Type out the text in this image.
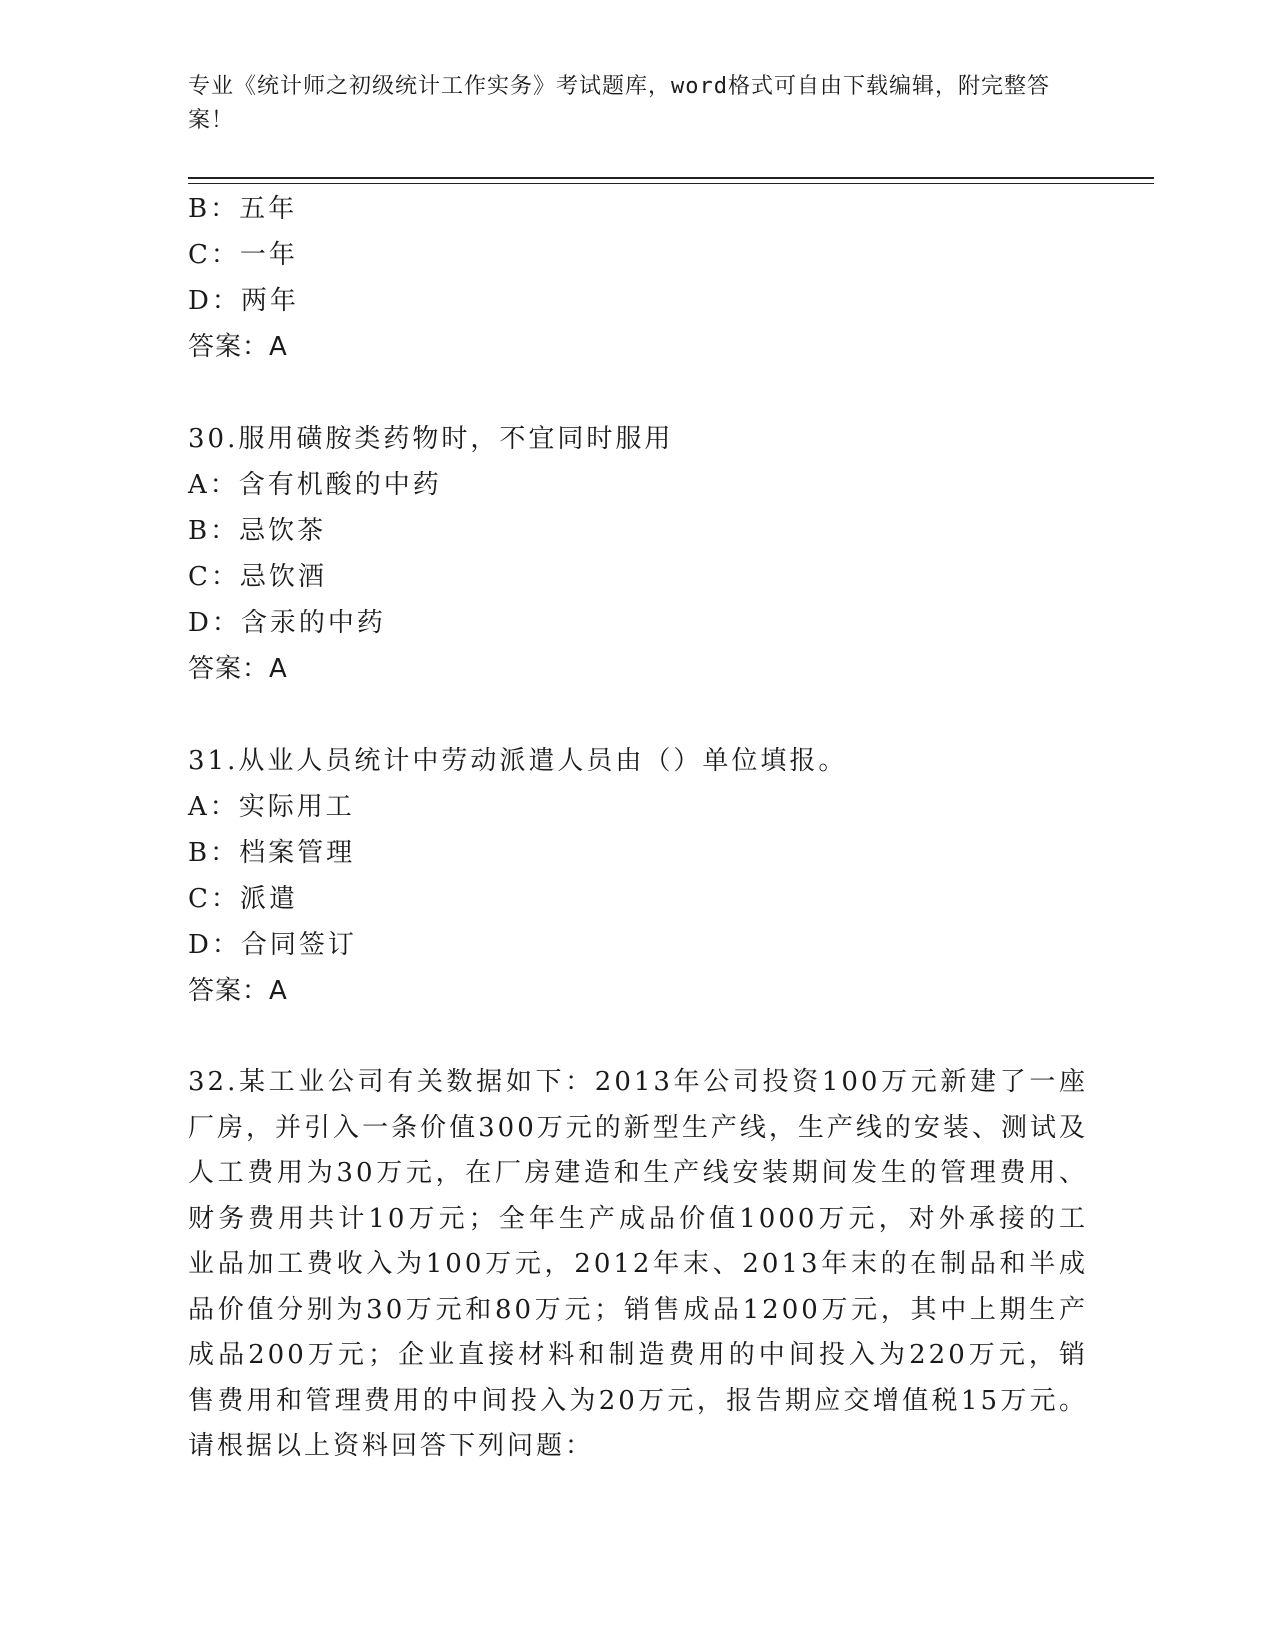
专业《统计师之初级统计工作实务》考试题库，word格式可自由下载编辑，附完整答案！
B：五年
C：一年
D：两年
答案：A
30.服用磺胺类药物时，不宜同时服用
A：含有机酸的中药
B：忌饮茶
C：忌饮酒
D：含汞的中药
答案：A
31.从业人员统计中劳动派遣人员由（）单位填报。
A：实际用工
B：档案管理
C：派遣
D：合同签订
答案：A
32.某工业公司有关数据如下：2013年公司投资100万元新建了一座厂房，并引入一条价值300万元的新型生产线，生产线的安装、测试及人工费用为30万元，在厂房建造和生产线安装期间发生的管理费用、财务费用共计10万元；全年生产成品价值1000万元，对外承接的工业品加工费收入为100万元，2012年末、2013年末的在制品和半成品价值分别为30万元和80万元；销售成品1200万元，其中上期生产成品200万元；企业直接材料和制造费用的中间投入为220万元，销售费用和管理费用的中间投入为20万元，报告期应交增值税15万元。请根据以上资料回答下列问题：
